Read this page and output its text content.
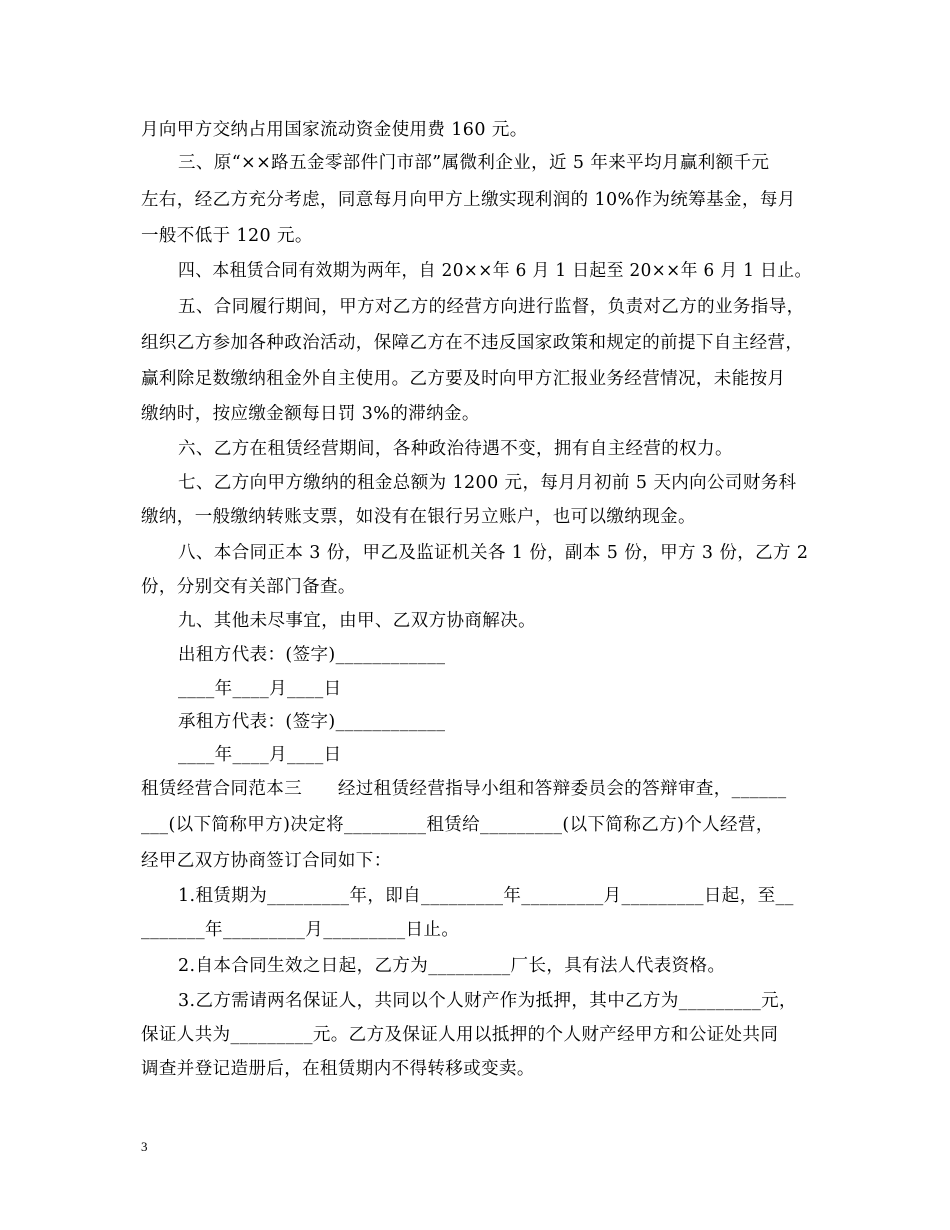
月向甲方交纳占用国家流动资金使用费 160 元。
三、原“××路五金零部件门市部”属微利企业，近 5 年来平均月赢利额千元
左右，经乙方充分考虑，同意每月向甲方上缴实现利润的 10%作为统筹基金，每月
一般不低于 120 元。
四、本租赁合同有效期为两年，自 20××年 6 月 1 日起至 20××年 6 月 1 日止。
五、合同履行期间，甲方对乙方的经营方向进行监督，负责对乙方的业务指导，
组织乙方参加各种政治活动，保障乙方在不违反国家政策和规定的前提下自主经营，
赢利除足数缴纳租金外自主使用。乙方要及时向甲方汇报业务经营情况，未能按月
缴纳时，按应缴金额每日罚 3%的滞纳金。
六、乙方在租赁经营期间，各种政治待遇不变，拥有自主经营的权力。
七、乙方向甲方缴纳的租金总额为 1200 元，每月月初前 5 天内向公司财务科
缴纳，一般缴纳转账支票，如没有在银行另立账户，也可以缴纳现金。
八、本合同正本 3 份，甲乙及监证机关各 1 份，副本 5 份，甲方 3 份，乙方 2
份，分别交有关部门备查。
九、其他未尽事宜，由甲、乙双方协商解决。
出租方代表：(签字)____________
____年____月____日
承租方代表：(签字)____________
____年____月____日
租赁经营合同范本三      经过租赁经营指导小组和答辩委员会的答辩审查，______
___(以下简称甲方)决定将_________租赁给_________(以下简称乙方)个人经营，
经甲乙双方协商签订合同如下：
1.租赁期为_________年，即自_________年_________月_________日起，至__
_______年_________月_________日止。
2.自本合同生效之日起，乙方为_________厂长，具有法人代表资格。
3.乙方需请两名保证人，共同以个人财产作为抵押，其中乙方为_________元，
保证人共为_________元。乙方及保证人用以抵押的个人财产经甲方和公证处共同
调查并登记造册后，在租赁期内不得转移或变卖。
3
